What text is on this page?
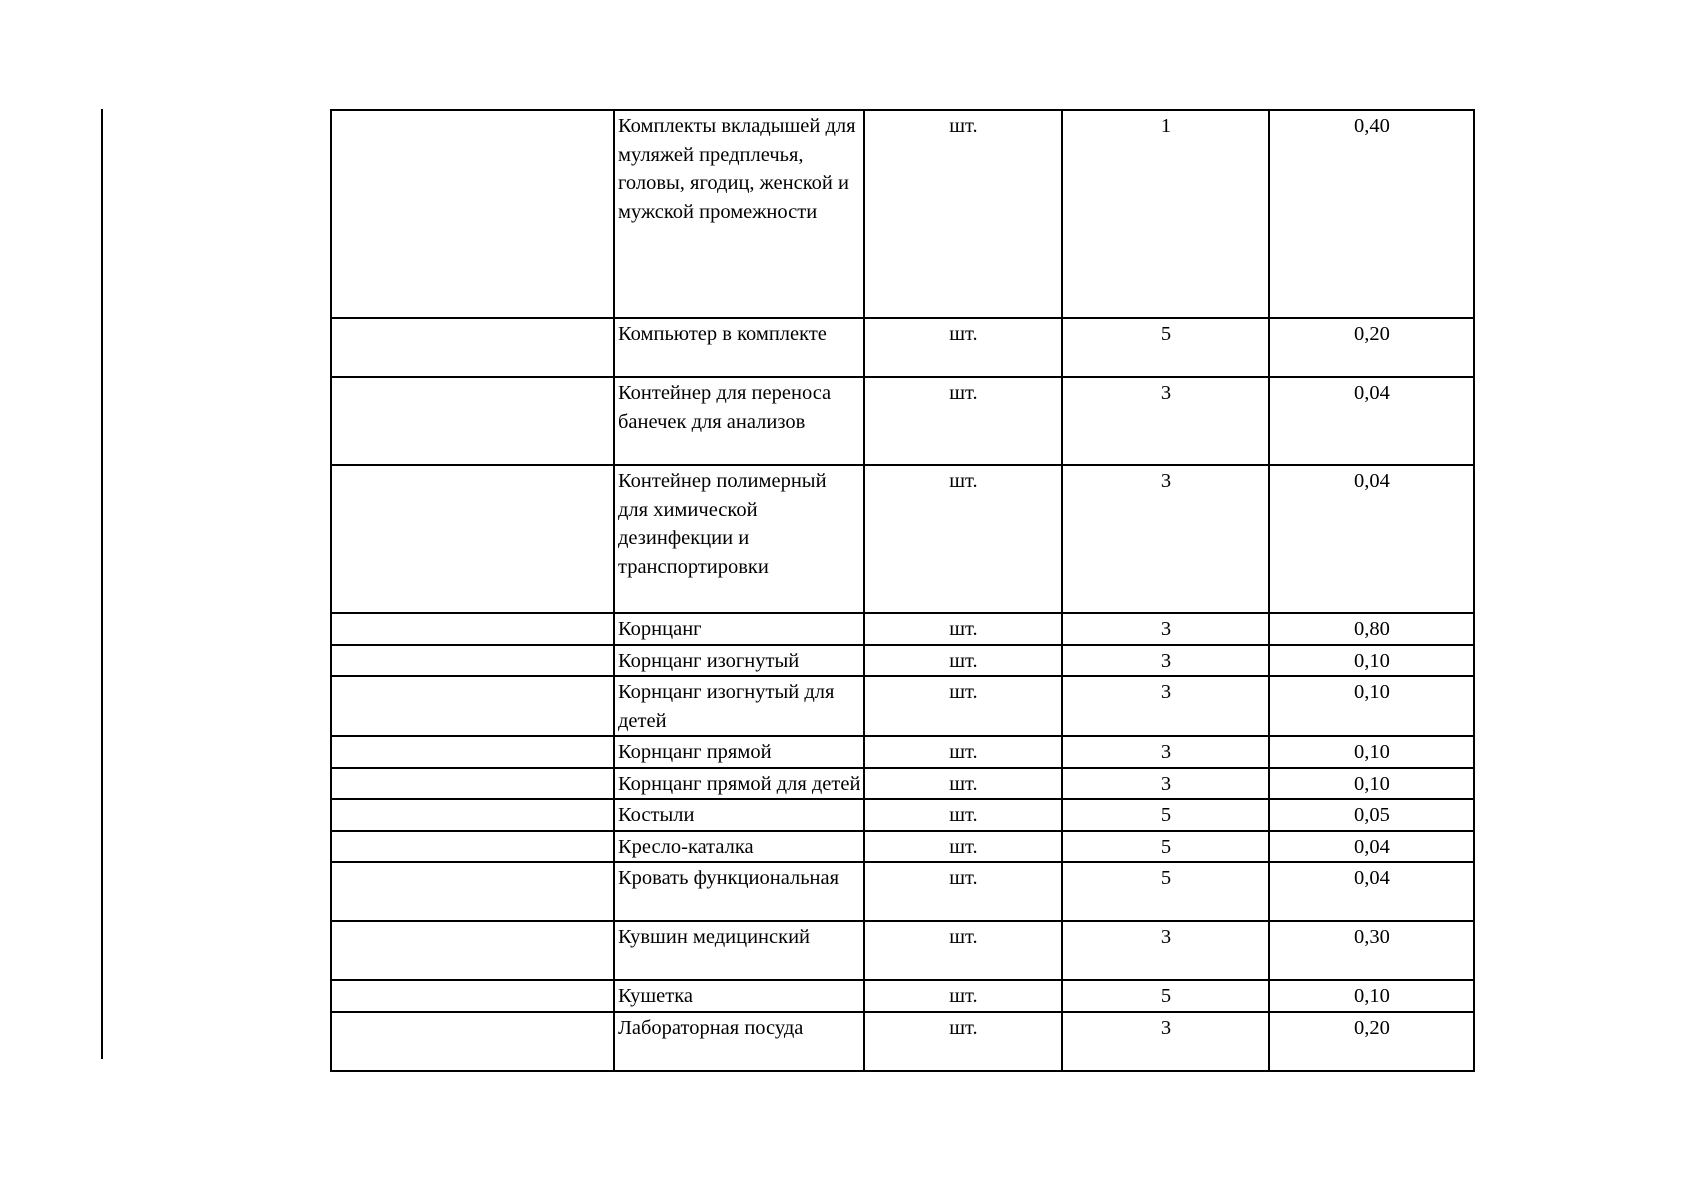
	Комплекты вкладышей для муляжей предплечья, головы, ягодиц, женской и мужской промежности	шт.	1	0,40
	Компьютер в комплекте	шт.	5	0,20
	Контейнер для переноса банечек для анализов	шт.	3	0,04
	Контейнер полимерный для химической дезинфекции и транспортировки	шт.	3	0,04
	Корнцанг	шт.	3	0,80
	Корнцанг изогнутый	шт.	3	0,10
	Корнцанг изогнутый для детей	шт.	3	0,10
	Корнцанг прямой	шт.	3	0,10

	Корнцанг прямой для детей	шт.	3	0,10
	Костыли	шт.	5	0,05
	Кресло-каталка	шт.	5	0,04
	Кровать функциональная	шт.	5	0,04
	Кувшин медицинский	шт.	3	0,30
	Кушетка	шт.	5	0,10
	Лабораторная посуда	шт.	3	0,20
